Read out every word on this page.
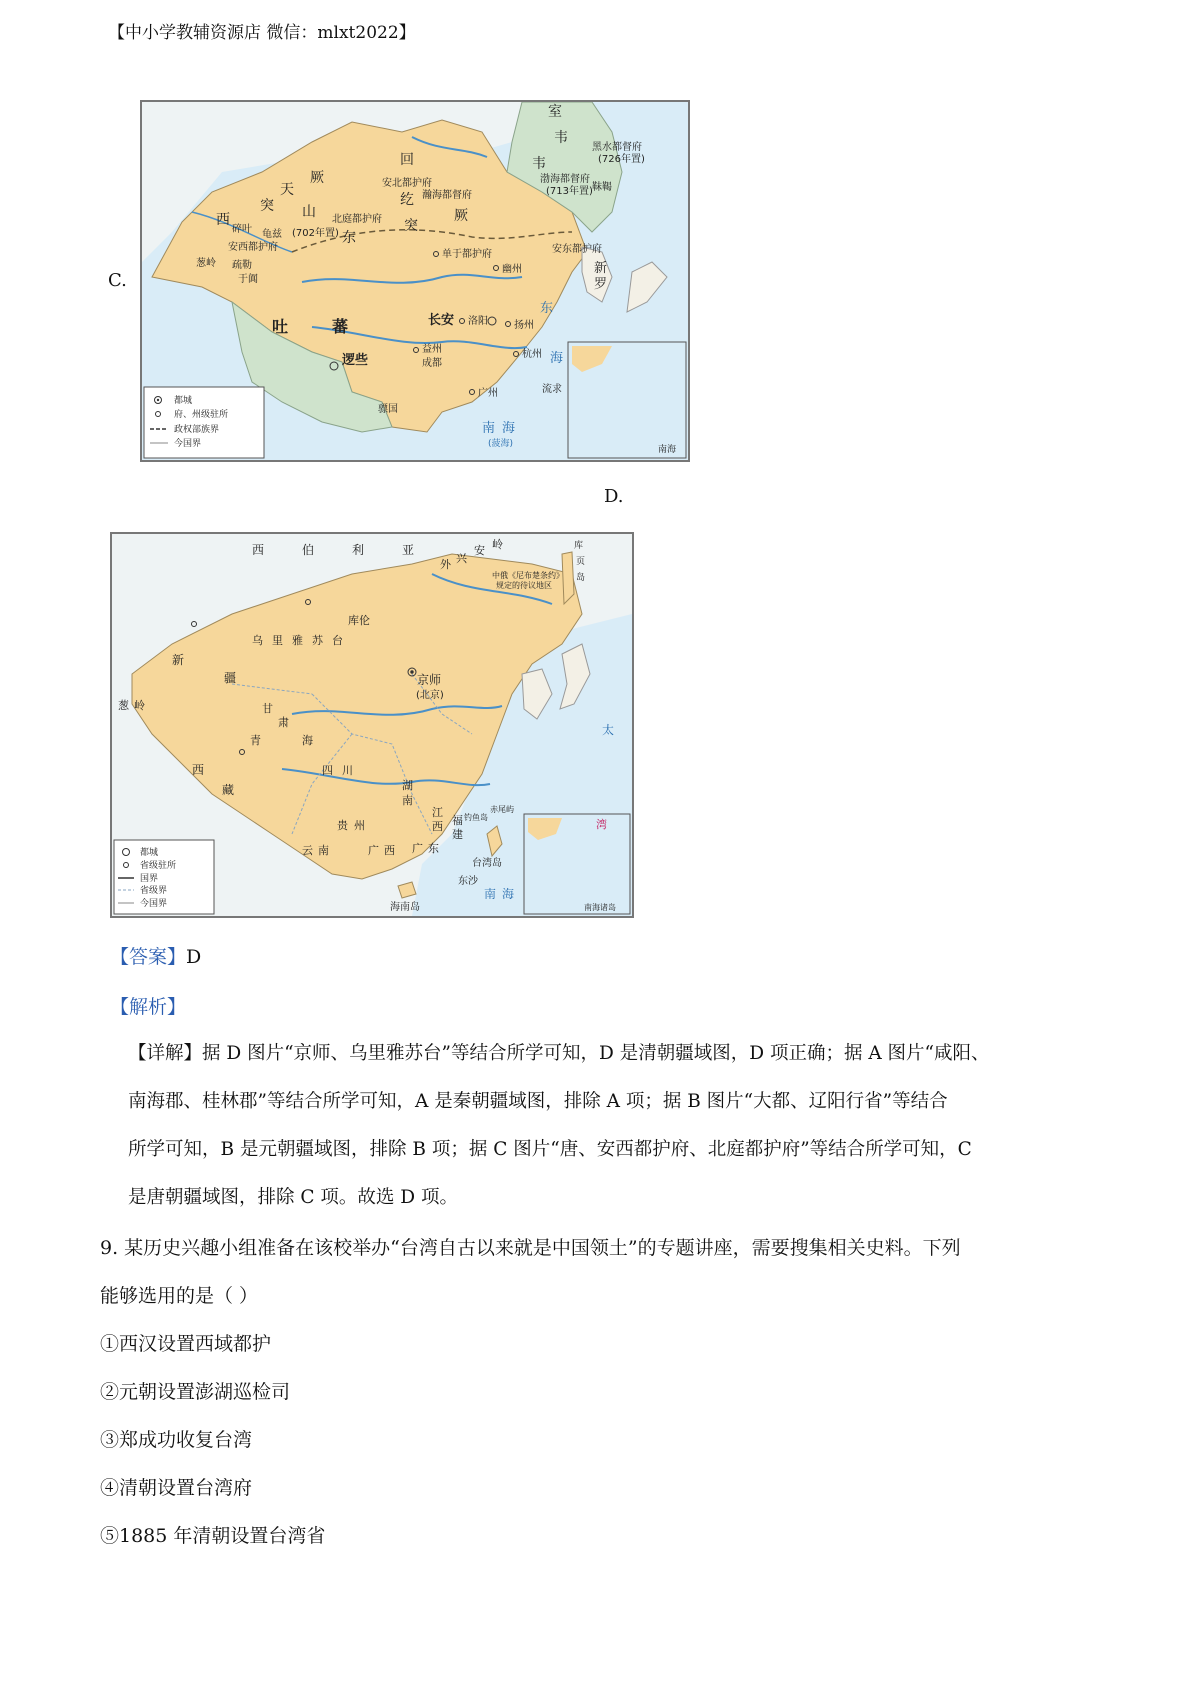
【中小学教辅资源店 微信：mlxt2022】
C.
都城
府、州级驻所
政权部族界
今国界
室
韦
韦
黑水都督府
(726年置)
渤海都督府
(713年置) 靺鞨
回
纥
安北都护府
瀚海都督府
西
突
天
山
厥
东
突
厥
北庭都护府
碎叶
安西都护府
龟兹
疏勒
葱岭
于阗
(702年置)
单于都护府
幽州
安东都护府
新
罗
吐	蕃
逻些
长安 洛阳	扬州
益州
成都
杭州
广州
东
海
流求
南 海
(菠海)
骠国
南海
D.
都城
省级驻所
国界
省级界
今国界
西	伯	利	亚
外 兴
安 岭	库
页
岛
中俄《尼布楚条约》
规定的待议地区
库伦
乌 里 雅 苏 台
新
疆
葱 岭
京师
(北京)
甘
肃
青	海
西
藏
四 川
湖
南
云 南
贵 州
广 西 广 东
福
建
江
西
台湾岛
钓鱼岛
赤尾屿
东沙
海南岛
南 海
湾
南海诸岛
太
【答案】D
【解析】
【详解】据 D 图片“京师、乌里雅苏台”等结合所学可知，D 是清朝疆域图，D 项正确；据 A 图片“咸阳、
南海郡、桂林郡”等结合所学可知，A 是秦朝疆域图，排除 A 项；据 B 图片“大都、辽阳行省”等结合
所学可知，B 是元朝疆域图，排除 B 项；据 C 图片“唐、安西都护府、北庭都护府”等结合所学可知，C
是唐朝疆域图，排除 C 项。故选 D 项。
9. 某历史兴趣小组准备在该校举办“台湾自古以来就是中国领土”的专题讲座，需要搜集相关史料。下列
能够选用的是（ ）
①西汉设置西域都护
②元朝设置澎湖巡检司
③郑成功收复台湾
④清朝设置台湾府
⑤1885 年清朝设置台湾省
